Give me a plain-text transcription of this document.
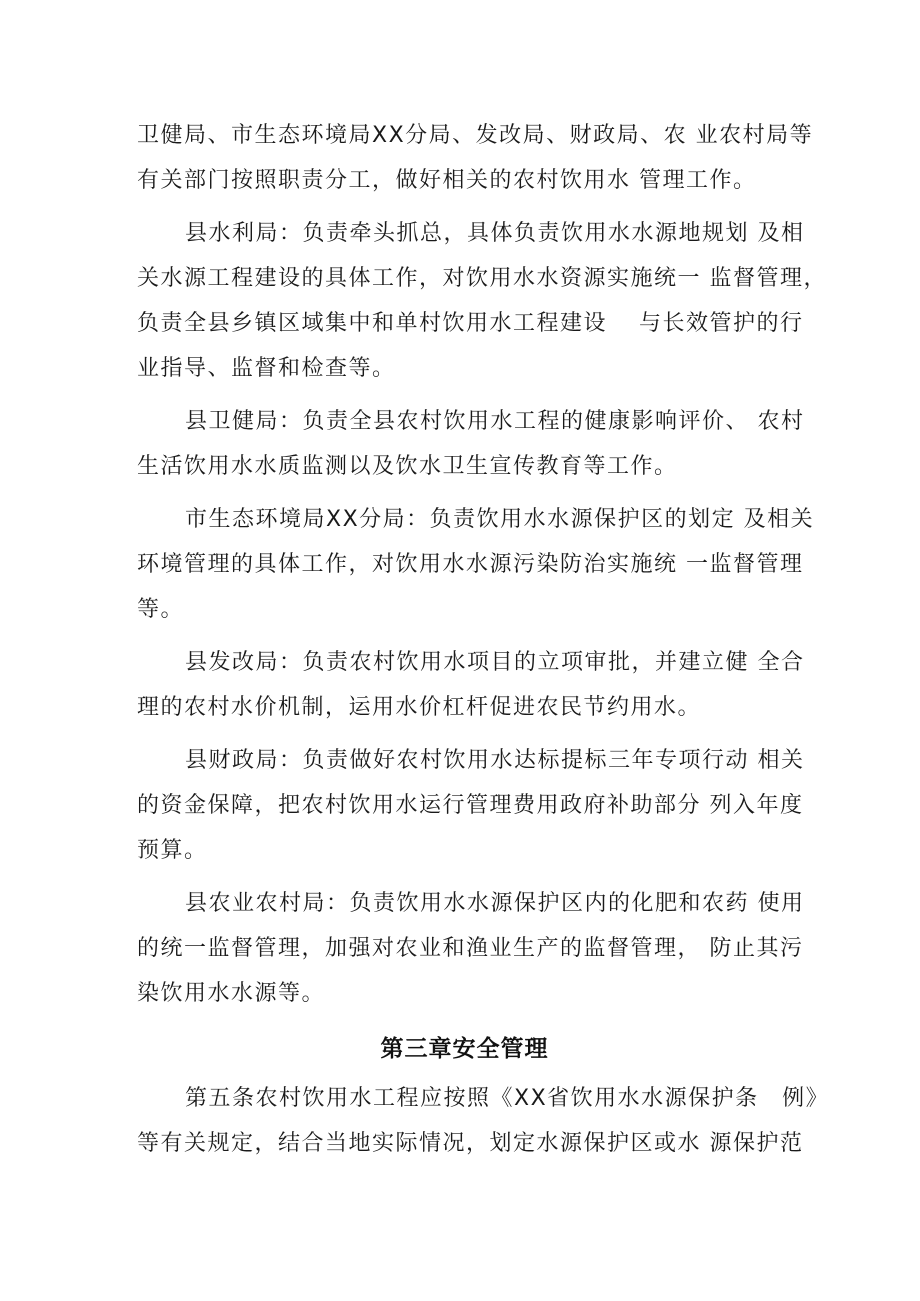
卫健局、市生态环境局XX分局、发改局、财政局、农 业农村局等
有关部门按照职责分工，做好相关的农村饮用水 管理工作。
县水利局：负责牵头抓总，具体负责饮用水水源地规划 及相
关水源工程建设的具体工作，对饮用水水资源实施统一 监督管理，
负责全县乡镇区域集中和单村饮用水工程建设　 与长效管护的行
业指导、监督和检查等。
县卫健局：负责全县农村饮用水工程的健康影响评价、 农村
生活饮用水水质监测以及饮水卫生宣传教育等工作。
市生态环境局XX分局：负责饮用水水源保护区的划定 及相关
环境管理的具体工作，对饮用水水源污染防治实施统 一监督管理
等。
县发改局：负责农村饮用水项目的立项审批，并建立健 全合
理的农村水价机制，运用水价杠杆促进农民节约用水。
县财政局：负责做好农村饮用水达标提标三年专项行动 相关
的资金保障，把农村饮用水运行管理费用政府补助部分 列入年度
预算。
县农业农村局：负责饮用水水源保护区内的化肥和农药 使用
的统一监督管理，加强对农业和渔业生产的监督管理， 防止其污
染饮用水水源等。
第三章安全管理
第五条农村饮用水工程应按照《XX省饮用水水源保护条　例》
等有关规定，结合当地实际情况，划定水源保护区或水 源保护范
